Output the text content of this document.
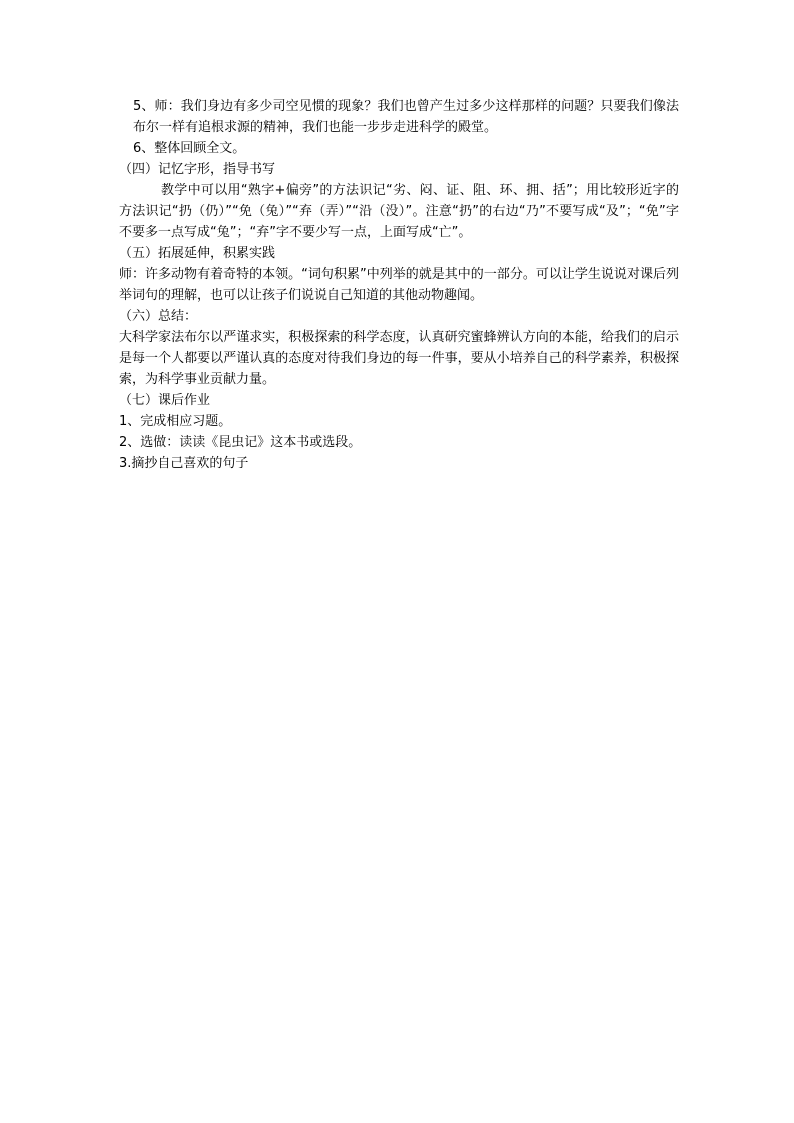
5、师：我们身边有多少司空见惯的现象？我们也曾产生过多少这样那样的问题？只要我们像法布尔一样有追根求源的精神，我们也能一步步走进科学的殿堂。

6、整体回顾全文。

（四）记忆字形，指导书写

教学中可以用“熟字+偏旁”的方法识记“劣、闷、证、阻、环、拥、括”；用比较形近字的方法识记“扔（仍）”“免（兔）”“弃（弄）”“沿（没）”。注意“扔”的右边“乃”不要写成“及”；“免”字不要多一点写成“兔”；“弃”字不要少写一点，上面写成“亡”。

（五）拓展延伸，积累实践

师：许多动物有着奇特的本领。“词句积累”中列举的就是其中的一部分。可以让学生说说对课后列举词句的理解，也可以让孩子们说说自己知道的其他动物趣闻。

（六）总结：

大科学家法布尔以严谨求实，积极探索的科学态度，认真研究蜜蜂辨认方向的本能，给我们的启示是每一个人都要以严谨认真的态度对待我们身边的每一件事，要从小培养自己的科学素养，积极探索，为科学事业贡献力量。

（七）课后作业

1、完成相应习题。

2、选做：读读《昆虫记》这本书或选段。

3.摘抄自己喜欢的句子
